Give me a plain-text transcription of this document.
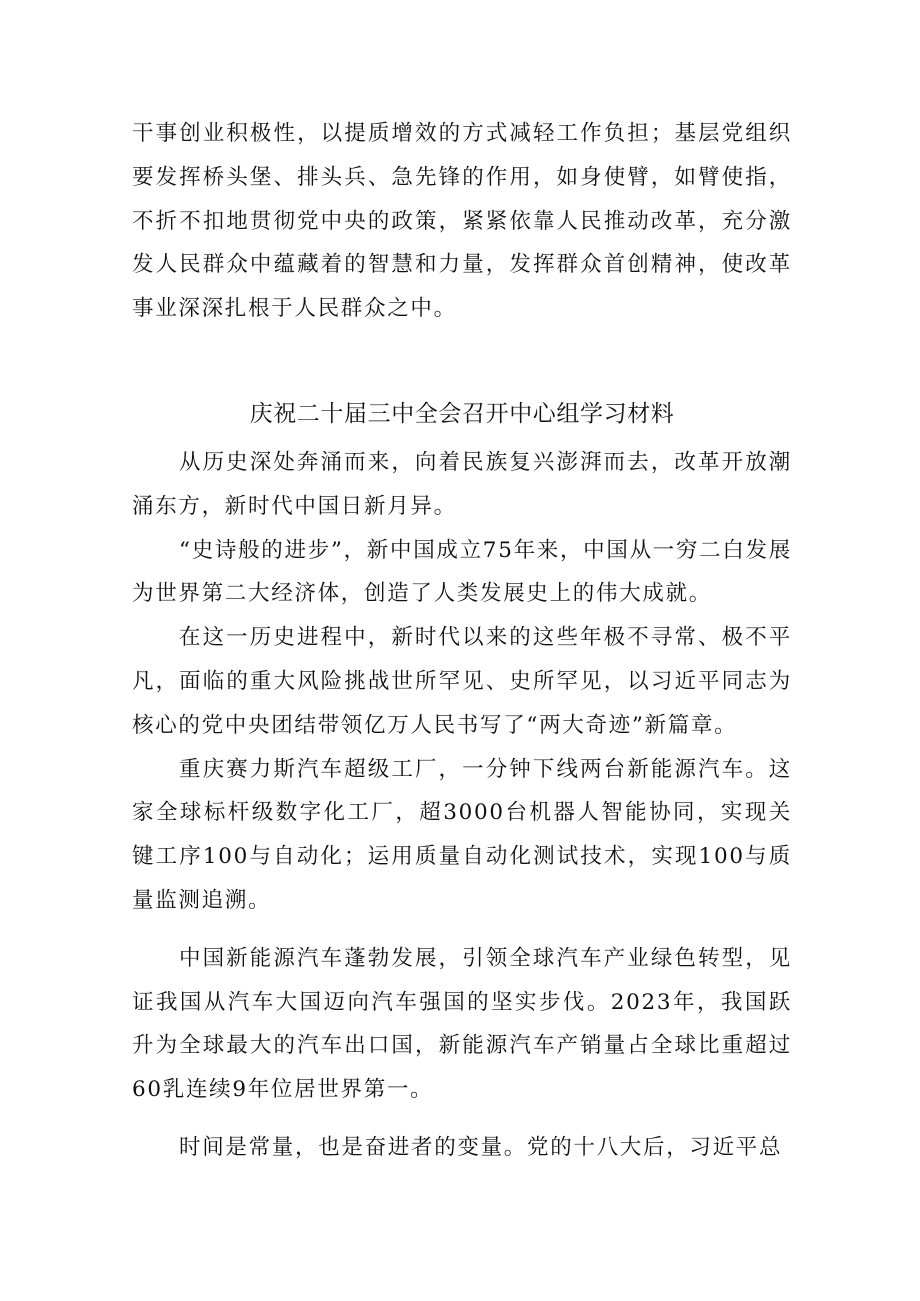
干事创业积极性，以提质增效的方式减轻工作负担；基层党组织要发挥桥头堡、排头兵、急先锋的作用，如身使臂，如臂使指，不折不扣地贯彻党中央的政策，紧紧依靠人民推动改革，充分激发人民群众中蕴藏着的智慧和力量，发挥群众首创精神，使改革事业深深扎根于人民群众之中。

庆祝二十届三中全会召开中心组学习材料

从历史深处奔涌而来，向着民族复兴澎湃而去，改革开放潮涌东方，新时代中国日新月异。

“史诗般的进步”，新中国成立75年来，中国从一穷二白发展为世界第二大经济体，创造了人类发展史上的伟大成就。

在这一历史进程中，新时代以来的这些年极不寻常、极不平凡，面临的重大风险挑战世所罕见、史所罕见，以习近平同志为核心的党中央团结带领亿万人民书写了“两大奇迹”新篇章。

重庆赛力斯汽车超级工厂，一分钟下线两台新能源汽车。这家全球标杆级数字化工厂，超3000台机器人智能协同，实现关键工序100与自动化；运用质量自动化测试技术，实现100与质量监测追溯。

中国新能源汽车蓬勃发展，引领全球汽车产业绿色转型，见证我国从汽车大国迈向汽车强国的坚实步伐。2023年，我国跃升为全球最大的汽车出口国，新能源汽车产销量占全球比重超过60乳连续9年位居世界第一。

时间是常量，也是奋进者的变量。党的十八大后，习近平总
